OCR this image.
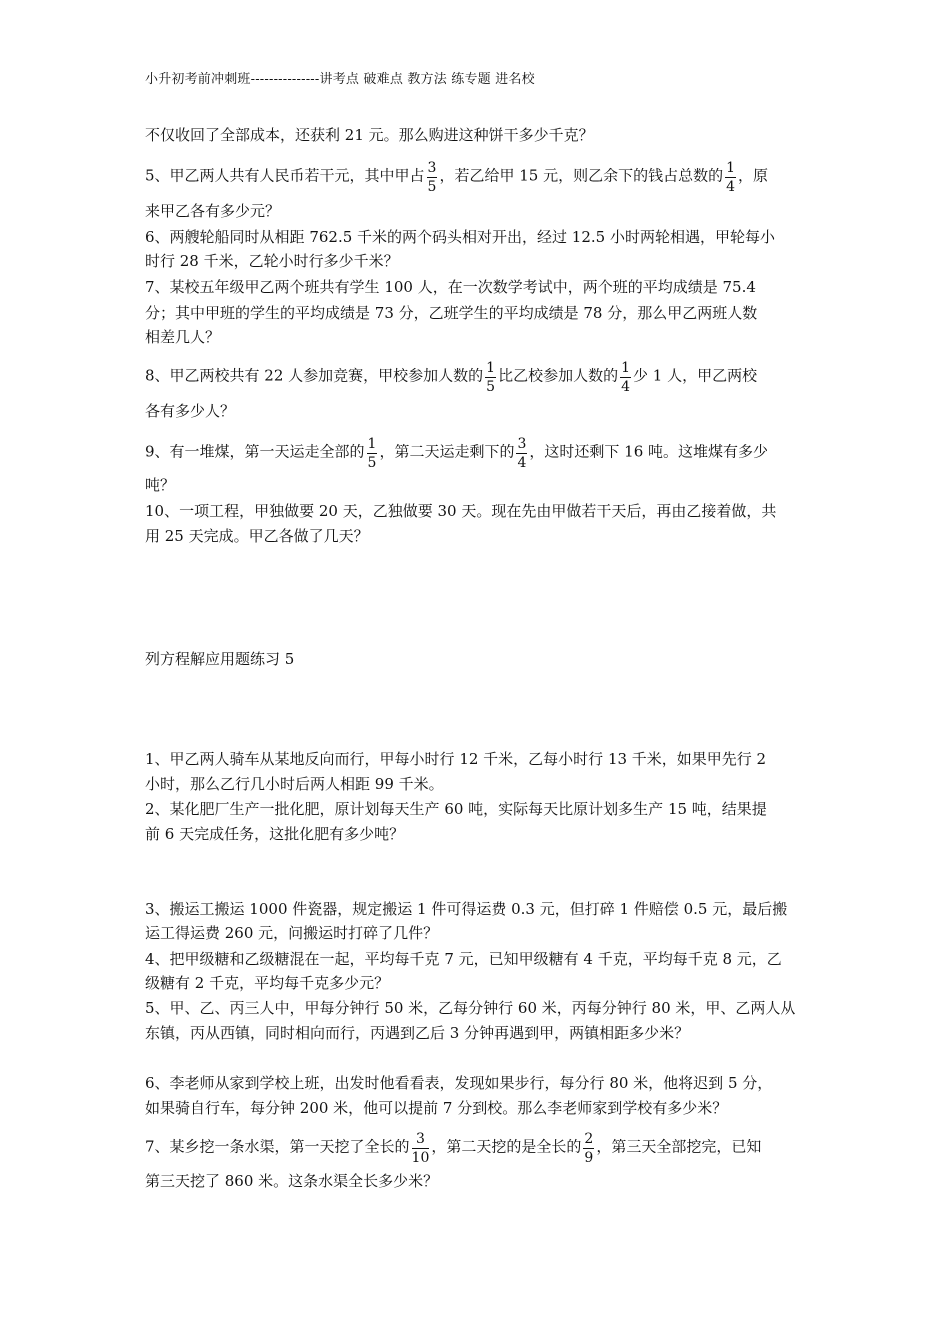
小升初考前冲刺班---------------讲考点 破难点 教方法 练专题 进名校
不仅收回了全部成本，还获利 21 元。那么购进这种饼干多少千克？
5、甲乙两人共有人民币若干元，其中甲占 $\frac{3}{5}$ ，若乙给甲 15 元，则乙余下的钱占总数的 $\frac{1}{4}$ ，原
来甲乙各有多少元？
6、两艘轮船同时从相距 762.5 千米的两个码头相对开出，经过 12.5 小时两轮相遇，甲轮每小
时行 28 千米，乙轮小时行多少千米？
7、某校五年级甲乙两个班共有学生 100 人，在一次数学考试中，两个班的平均成绩是 75.4
分；其中甲班的学生的平均成绩是 73 分，乙班学生的平均成绩是 78 分，那么甲乙两班人数
相差几人？
8、甲乙两校共有 22 人参加竞赛，甲校参加人数的 $\frac{1}{5}$ 比乙校参加人数的 $\frac{1}{4}$ 少 1 人，甲乙两校
各有多少人？
9、有一堆煤，第一天运走全部的 $\frac{1}{5}$ ，第二天运走剩下的 $\frac{3}{4}$ ，这时还剩下 16 吨。这堆煤有多少
吨？
10、一项工程，甲独做要 20 天，乙独做要 30 天。现在先由甲做若干天后，再由乙接着做，共
用 25 天完成。甲乙各做了几天？
列方程解应用题练习 5
1、甲乙两人骑车从某地反向而行，甲每小时行 12 千米，乙每小时行 13 千米，如果甲先行 2
小时，那么乙行几小时后两人相距 99 千米。
2、某化肥厂生产一批化肥，原计划每天生产 60 吨，实际每天比原计划多生产 15 吨，结果提
前 6 天完成任务，这批化肥有多少吨？
3、搬运工搬运 1000 件瓷器，规定搬运 1 件可得运费 0.3 元，但打碎 1 件赔偿 0.5 元，最后搬
运工得运费 260 元，问搬运时打碎了几件？
4、把甲级糖和乙级糖混在一起，平均每千克 7 元，已知甲级糖有 4 千克，平均每千克 8 元，乙
级糖有 2 千克，平均每千克多少元？
5、甲、乙、丙三人中，甲每分钟行 50 米，乙每分钟行 60 米，丙每分钟行 80 米，甲、乙两人从
东镇，丙从西镇，同时相向而行，丙遇到乙后 3 分钟再遇到甲，两镇相距多少米？
6、李老师从家到学校上班，出发时他看看表，发现如果步行，每分行 80 米，他将迟到 5 分，
如果骑自行车，每分钟 200 米，他可以提前 7 分到校。那么李老师家到学校有多少米？
7、某乡挖一条水渠，第一天挖了全长的 $\frac{3}{10}$ ，第二天挖的是全长的 $\frac{2}{9}$ ，第三天全部挖完，已知
第三天挖了 860 米。这条水渠全长多少米？
